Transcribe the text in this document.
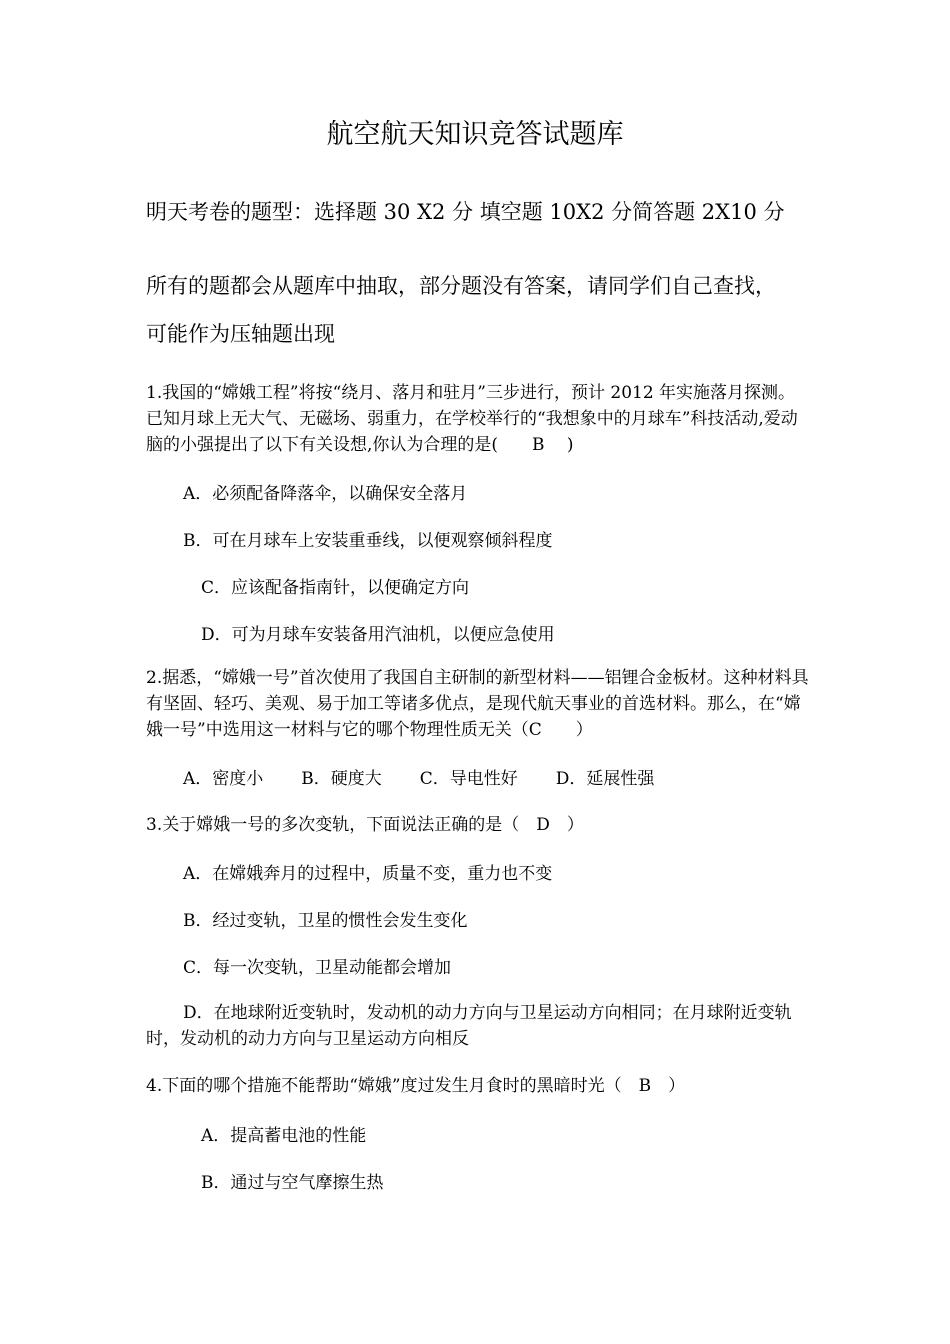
航空航天知识竞答试题库
明天考卷的题型：选择题 30 X2 分 填空题 10X2 分简答题 2X10 分
所有的题都会从题库中抽取，部分题没有答案，请同学们自己查找，
可能作为压轴题出现
1.我国的“嫦娥工程”将按“绕月、落月和驻月”三步进行，预计 2012 年实施落月探测。已知月球上无大气、无磁场、弱重力，在学校举行的“我想象中的月球车”科技活动,爱动脑的小强提出了以下有关设想,你认为合理的是(　　B　 )
A．必须配备降落伞，以确保安全落月
B．可在月球车上安装重垂线，以便观察倾斜程度
C．应该配备指南针，以便确定方向
D．可为月球车安装备用汽油机，以便应急使用
2.据悉，“嫦娥一号”首次使用了我国自主研制的新型材料——铝锂合金板材。这种材料具有坚固、轻巧、美观、易于加工等诸多优点，是现代航天事业的首选材料。那么，在“嫦娥一号”中选用这一材料与它的哪个物理性质无关（C　　）
A．密度小 B．硬度大 C．导电性好 D．延展性强
3.关于嫦娥一号的多次变轨，下面说法正确的是（　D　）
A．在嫦娥奔月的过程中，质量不变，重力也不变
B．经过变轨，卫星的惯性会发生变化
C．每一次变轨，卫星动能都会增加
D．在地球附近变轨时，发动机的动力方向与卫星运动方向相同；在月球附近变轨时，发动机的动力方向与卫星运动方向相反
4.下面的哪个措施不能帮助“嫦娥”度过发生月食时的黑暗时光（　B　）
A．提高蓄电池的性能
B．通过与空气摩擦生热
